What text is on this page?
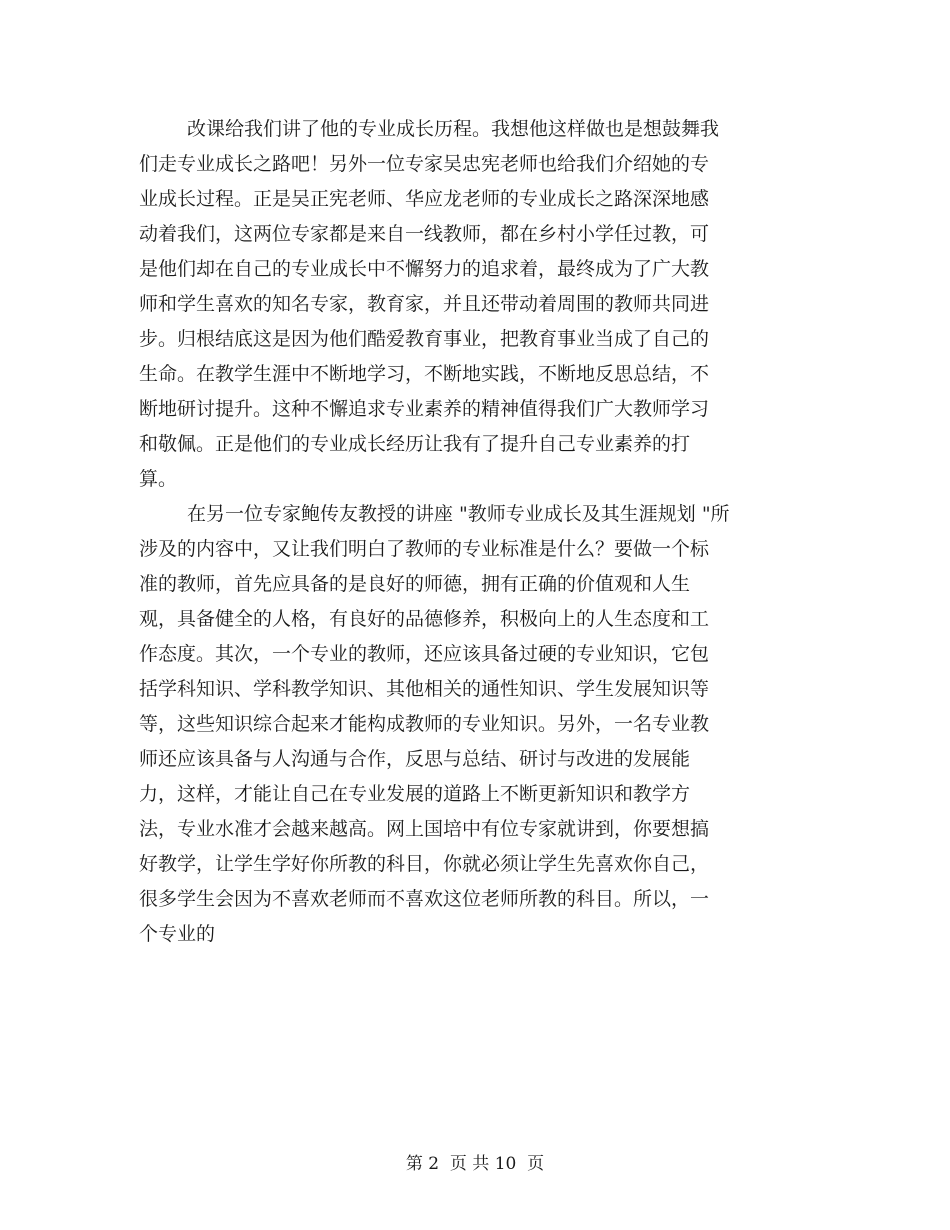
改课给我们讲了他的专业成长历程。我想他这样做也是想鼓舞我
们走专业成长之路吧！另外一位专家吴忠宪老师也给我们介绍她的专
业成长过程。正是吴正宪老师、华应龙老师的专业成长之路深深地感
动着我们，这两位专家都是来自一线教师，都在乡村小学任过教，可
是他们却在自己的专业成长中不懈努力的追求着，最终成为了广大教
师和学生喜欢的知名专家，教育家，并且还带动着周围的教师共同进
步。归根结底这是因为他们酷爱教育事业，把教育事业当成了自己的
生命。在教学生涯中不断地学习，不断地实践，不断地反思总结，不
断地研讨提升。这种不懈追求专业素养的精神值得我们广大教师学习
和敬佩。正是他们的专业成长经历让我有了提升自己专业素养的打
算。
在另一位专家鲍传友教授的讲座 "教师专业成长及其生涯规划 "所
涉及的内容中，又让我们明白了教师的专业标准是什么？要做一个标
准的教师，首先应具备的是良好的师德，拥有正确的价值观和人生
观，具备健全的人格，有良好的品德修养，积极向上的人生态度和工
作态度。其次，一个专业的教师，还应该具备过硬的专业知识，它包
括学科知识、学科教学知识、其他相关的通性知识、学生发展知识等
等，这些知识综合起来才能构成教师的专业知识。另外，一名专业教
师还应该具备与人沟通与合作，反思与总结、研讨与改进的发展能
力，这样，才能让自己在专业发展的道路上不断更新知识和教学方
法，专业水准才会越来越高。网上国培中有位专家就讲到，你要想搞
好教学，让学生学好你所教的科目，你就必须让学生先喜欢你自己，
很多学生会因为不喜欢老师而不喜欢这位老师所教的科目。所以，一
个专业的
第 2  页 共 10  页
